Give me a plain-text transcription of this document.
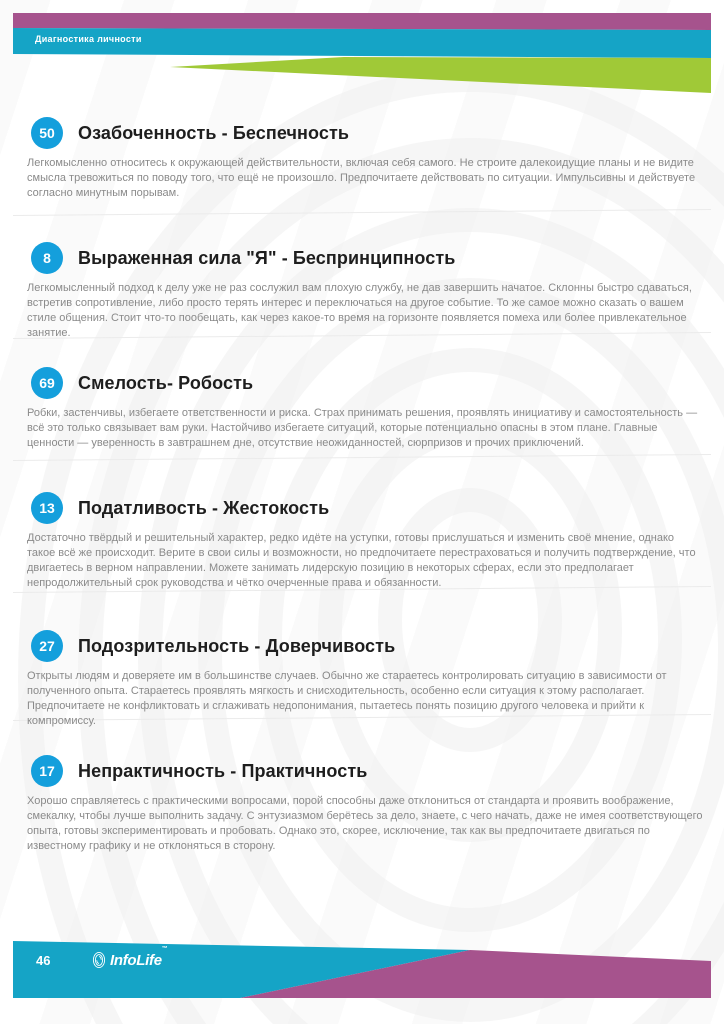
Диагностика личности
50	Озабоченность - Беспечность

Легкомысленно относитесь к окружающей действительности, включая себя самого. Не строите далекоидущие планы и не видите смысла тревожиться по поводу того, что ещё не произошло. Предпочитаете действовать по ситуации. Импульсивны и действуете согласно минутным порывам.

8	Выраженная сила "Я" - Беспринципность

Легкомысленный подход к делу уже не раз сослужил вам плохую службу, не дав завершить начатое. Склонны быстро сдаваться, встретив сопротивление, либо просто терять интерес и переключаться на другое событие. То же самое можно сказать о вашем стиле общения. Стоит что-то пообещать, как через какое-то время на горизонте появляется помеха или более привлекательное занятие.

69	Смелость- Робость

Робки, застенчивы, избегаете ответственности и риска. Страх принимать решения, проявлять инициативу и самостоятельность — всё это только связывает вам руки. Настойчиво избегаете ситуаций, которые потенциально опасны в этом плане. Главные ценности — уверенность в завтрашнем дне, отсутствие неожиданностей, сюрпризов и прочих приключений.

13	Податливость - Жестокость

Достаточно твёрдый и решительный характер, редко идёте на уступки, готовы прислушаться и изменить своё мнение, однако такое всё же происходит. Верите в свои силы и возможности, но предпочитаете перестраховаться и получить подтверждение, что двигаетесь в верном направлении. Можете занимать лидерскую позицию в некоторых сферах, если это предполагает непродолжительный срок руководства и чётко очерченные права и обязанности.

27	Подозрительность - Доверчивость

Открыты людям и доверяете им в большинстве случаев. Обычно же стараетесь контролировать ситуацию в зависимости от полученного опыта. Стараетесь проявлять мягкость и снисходительность, особенно если ситуация к этому располагает. Предпочитаете не конфликтовать и сглаживать недопонимания, пытаетесь понять позицию другого человека и прийти к компромиссу.

17	Непрактичность - Практичность

Хорошо справляетесь с практическими вопросами, порой способны даже отклониться от стандарта и проявить воображение, смекалку, чтобы лучше выполнить задачу. С энтузиазмом берётесь за дело, знаете, с чего начать, даже не имея соответствующего опыта, готовы экспериментировать и пробовать. Однако это, скорее, исключение, так как вы предпочитаете двигаться по известному графику и не отклоняться в сторону.

46	InfoLife™
